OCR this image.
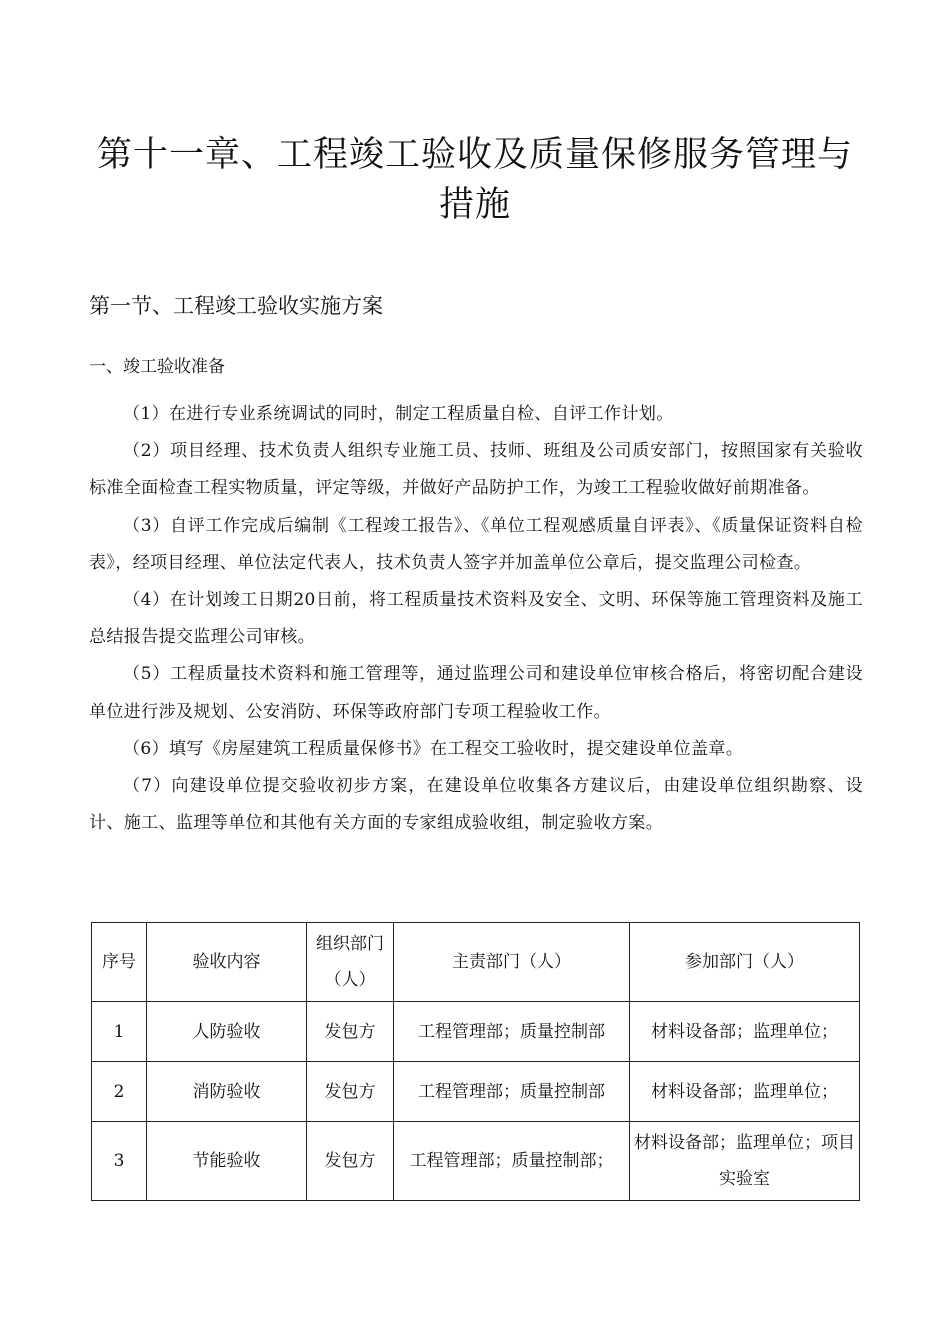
第十一章、工程竣工验收及质量保修服务管理与措施
第一节、工程竣工验收实施方案
一、竣工验收准备

（1）在进行专业系统调试的同时，制定工程质量自检、自评工作计划。

（2）项目经理、技术负责人组织专业施工员、技师、班组及公司质安部门，按照国家有关验收标准全面检查工程实物质量，评定等级，并做好产品防护工作，为竣工工程验收做好前期准备。

（3）自评工作完成后编制《工程竣工报告》、《单位工程观感质量自评表》、《质量保证资料自检表》，经项目经理、单位法定代表人，技术负责人签字并加盖单位公章后，提交监理公司检查。

（4）在计划竣工日期20日前，将工程质量技术资料及安全、文明、环保等施工管理资料及施工总结报告提交监理公司审核。

（5）工程质量技术资料和施工管理等，通过监理公司和建设单位审核合格后，将密切配合建设单位进行涉及规划、公安消防、环保等政府部门专项工程验收工作。

（6）填写《房屋建筑工程质量保修书》在工程交工验收时，提交建设单位盖章。

（7）向建设单位提交验收初步方案，在建设单位收集各方建议后，由建设单位组织勘察、设计、施工、监理等单位和其他有关方面的专家组成验收组，制定验收方案。

序号	验收内容	组织部门（人）	主责部门（人）	参加部门（人）
1	人防验收	发包方	工程管理部；质量控制部	材料设备部；监理单位；
2	消防验收	发包方	工程管理部；质量控制部	材料设备部；监理单位；
3	节能验收	发包方	工程管理部；质量控制部；	材料设备部；监理单位；项目实验室
